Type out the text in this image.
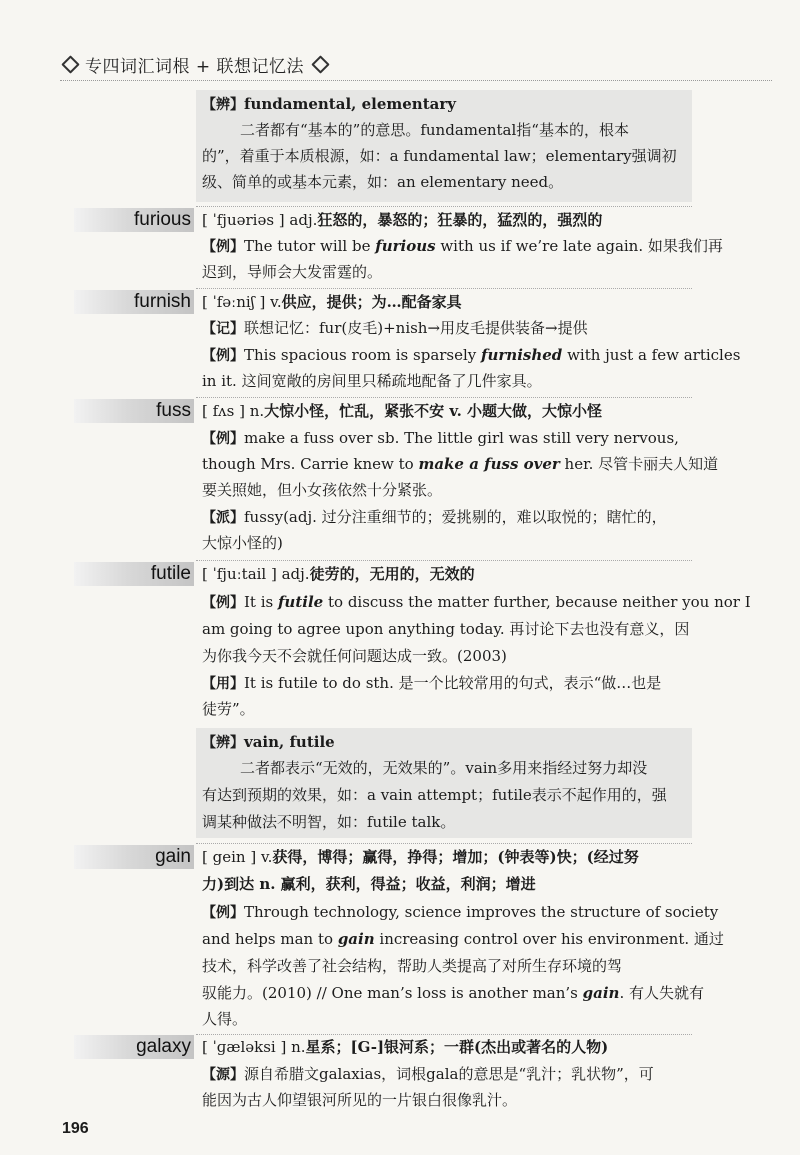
专四词汇词根 + 联想记忆法
【辨】fundamental, elementary
二者都有“基本的”的意思。fundamental指“基本的，根本
的”，着重于本质根源，如：a fundamental law；elementary强调初
级、简单的或基本元素，如：an elementary need。
furious [ ˈfjuəriəs ] adj.狂怒的，暴怒的；狂暴的，猛烈的，强烈的
【例】The tutor will be furious with us if we’re late again. 如果我们再
迟到，导师会大发雷霆的。
furnish [ ˈfəːniʃ ] v.供应，提供；为…配备家具
【记】联想记忆：fur(皮毛)+nish→用皮毛提供装备→提供
【例】This spacious room is sparsely furnished with just a few articles
in it. 这间宽敞的房间里只稀疏地配备了几件家具。
fuss [ fʌs ] n.大惊小怪，忙乱，紧张不安 v. 小题大做，大惊小怪
【例】make a fuss over sb. The little girl was still very nervous,
though Mrs. Carrie knew to make a fuss over her. 尽管卡丽夫人知道
要关照她，但小女孩依然十分紧张。
【派】fussy(adj. 过分注重细节的；爱挑剔的，难以取悦的；瞎忙的，
大惊小怪的)
futile [ ˈfjuːtail ] adj.徒劳的，无用的，无效的
【例】It is futile to discuss the matter further, because neither you nor I
am going to agree upon anything today. 再讨论下去也没有意义，因
为你我今天不会就任何问题达成一致。(2003)
【用】It is futile to do sth. 是一个比较常用的句式，表示“做…也是
徒劳”。
【辨】vain, futile
二者都表示“无效的，无效果的”。vain多用来指经过努力却没
有达到预期的效果，如：a vain attempt；futile表示不起作用的，强
调某种做法不明智，如：futile talk。
gain [ gein ] v.获得，博得；赢得，挣得；增加；(钟表等)快；(经过努
力)到达 n. 赢利，获利，得益；收益，利润；增进
【例】Through technology, science improves the structure of society
and helps man to gain increasing control over his environment. 通过
技术，科学改善了社会结构，帮助人类提高了对所生存环境的驾
驭能力。(2010) // One man’s loss is another man’s gain. 有人失就有
人得。
galaxy [ ˈɡæləksi ] n.星系；[G-]银河系；一群(杰出或著名的人物)
【源】源自希腊文galaxias，词根gala的意思是“乳汁；乳状物”，可
能因为古人仰望银河所见的一片银白很像乳汁。
196
